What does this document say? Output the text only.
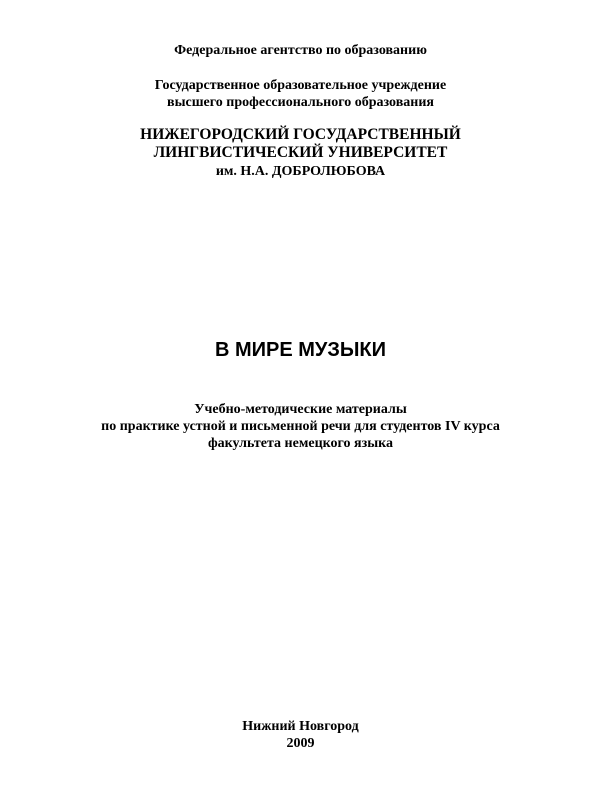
Федеральное агентство по образованию
Государственное образовательное учреждение
высшего профессионального образования
НИЖЕГОРОДСКИЙ ГОСУДАРСТВЕННЫЙ
ЛИНГВИСТИЧЕСКИЙ УНИВЕРСИТЕТ
им. Н.А. ДОБРОЛЮБОВА
В МИРЕ МУЗЫКИ
Учебно-методические материалы
по практике устной и письменной речи для студентов IV курса
факультета немецкого языка
Нижний Новгород
2009
